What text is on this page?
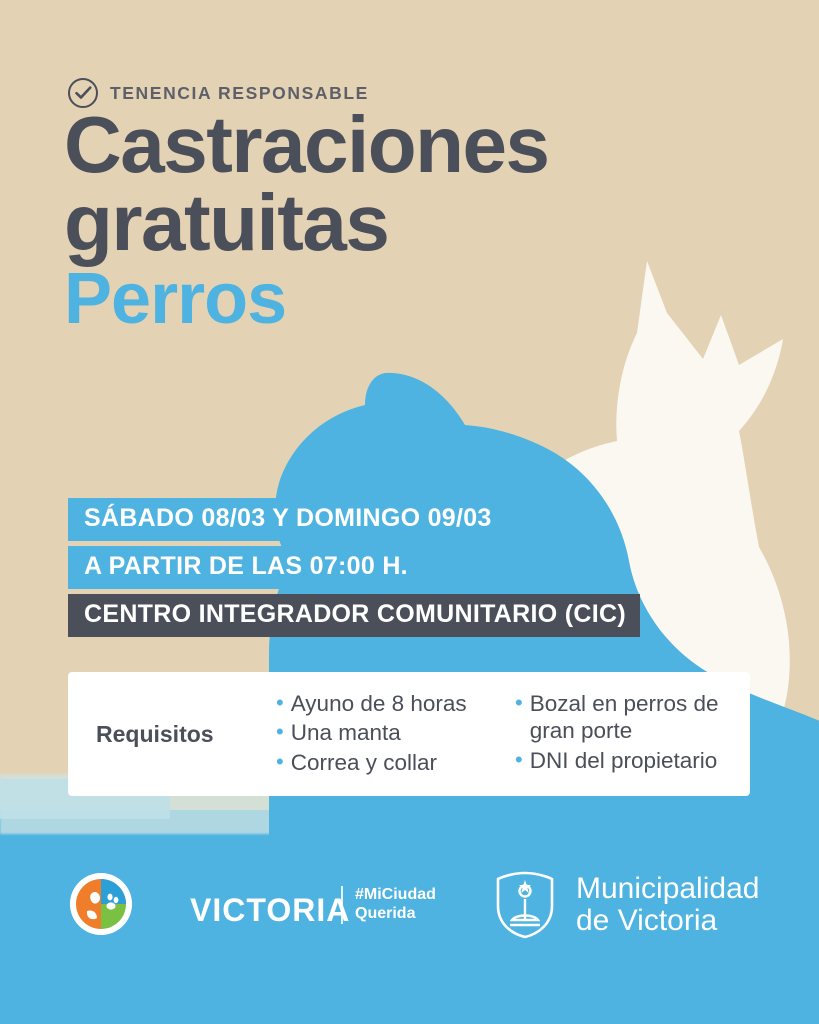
TENENCIA RESPONSABLE
Castraciones
gratuitas
Perros
SÁBADO 08/03 Y DOMINGO 09/03
A PARTIR DE LAS 07:00 H.
CENTRO INTEGRADOR COMUNITARIO (CIC)
Requisitos
• Ayuno de 8 horas
• Una manta
• Correa y collar
• Bozal en perros de gran porte
• DNI del propietario
VICTORIA #MiCiudad
Querida
Municipalidad
de Victoria
